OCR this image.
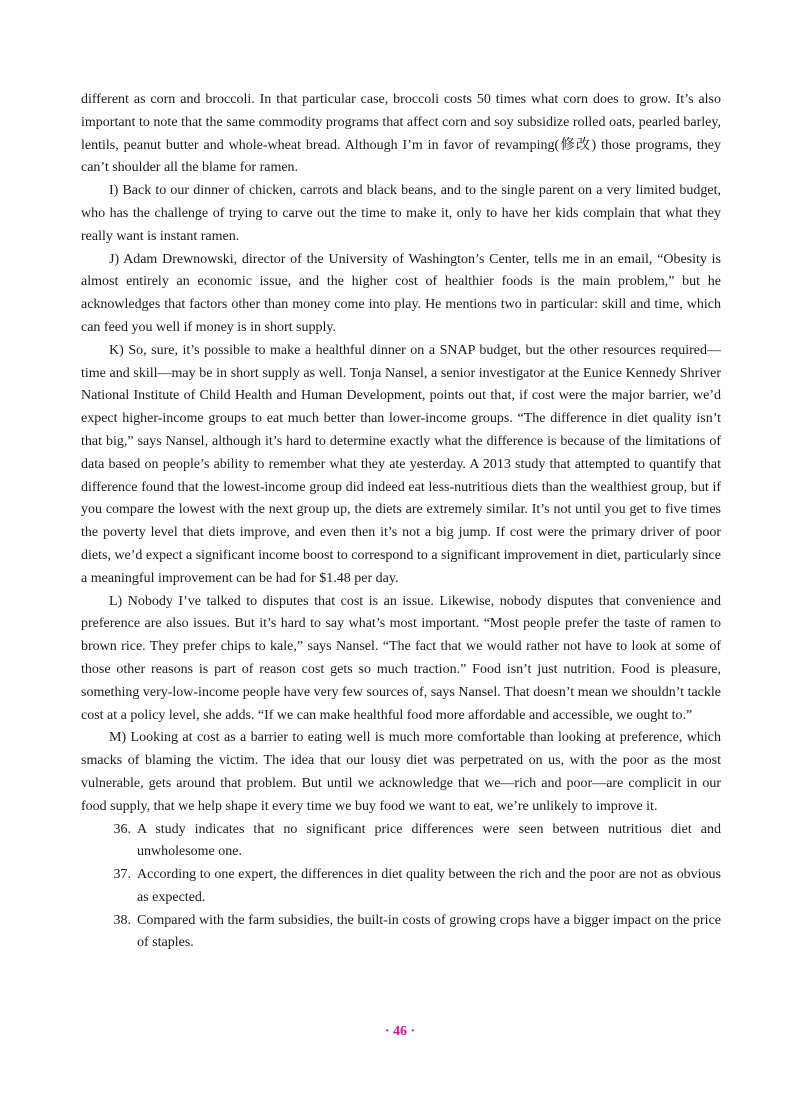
different as corn and broccoli. In that particular case, broccoli costs 50 times what corn does to grow. It’s also important to note that the same commodity programs that affect corn and soy subsidize rolled oats, pearled barley, lentils, peanut butter and whole-wheat bread. Although I’m in favor of revamping(修改) those programs, they can’t shoulder all the blame for ramen.

I) Back to our dinner of chicken, carrots and black beans, and to the single parent on a very limited budget, who has the challenge of trying to carve out the time to make it, only to have her kids complain that what they really want is instant ramen.

J) Adam Drewnowski, director of the University of Washington’s Center, tells me in an email, “Obesity is almost entirely an economic issue, and the higher cost of healthier foods is the main problem,” but he acknowledges that factors other than money come into play. He mentions two in particular: skill and time, which can feed you well if money is in short supply.

K) So, sure, it’s possible to make a healthful dinner on a SNAP budget, but the other resources required—time and skill—may be in short supply as well. Tonja Nansel, a senior investigator at the Eunice Kennedy Shriver National Institute of Child Health and Human Development, points out that, if cost were the major barrier, we’d expect higher-income groups to eat much better than lower-income groups. “The difference in diet quality isn’t that big,” says Nansel, although it’s hard to determine exactly what the difference is because of the limitations of data based on people’s ability to remember what they ate yesterday. A 2013 study that attempted to quantify that difference found that the lowest-income group did indeed eat less-nutritious diets than the wealthiest group, but if you compare the lowest with the next group up, the diets are extremely similar. It’s not until you get to five times the poverty level that diets improve, and even then it’s not a big jump. If cost were the primary driver of poor diets, we’d expect a significant income boost to correspond to a significant improvement in diet, particularly since a meaningful improvement can be had for $1.48 per day.

L) Nobody I’ve talked to disputes that cost is an issue. Likewise, nobody disputes that convenience and preference are also issues. But it’s hard to say what’s most important. “Most people prefer the taste of ramen to brown rice. They prefer chips to kale,” says Nansel. “The fact that we would rather not have to look at some of those other reasons is part of reason cost gets so much traction.” Food isn’t just nutrition. Food is pleasure, something very-low-income people have very few sources of, says Nansel. That doesn’t mean we shouldn’t tackle cost at a policy level, she adds. “If we can make healthful food more affordable and accessible, we ought to.”

M) Looking at cost as a barrier to eating well is much more comfortable than looking at preference, which smacks of blaming the victim. The idea that our lousy diet was perpetrated on us, with the poor as the most vulnerable, gets around that problem. But until we acknowledge that we—rich and poor—are complicit in our food supply, that we help shape it every time we buy food we want to eat, we’re unlikely to improve it.

36. A study indicates that no significant price differences were seen between nutritious diet and unwholesome one.
37. According to one expert, the differences in diet quality between the rich and the poor are not as obvious as expected.
38. Compared with the farm subsidies, the built-in costs of growing crops have a bigger impact on the price of staples.
· 46 ·
